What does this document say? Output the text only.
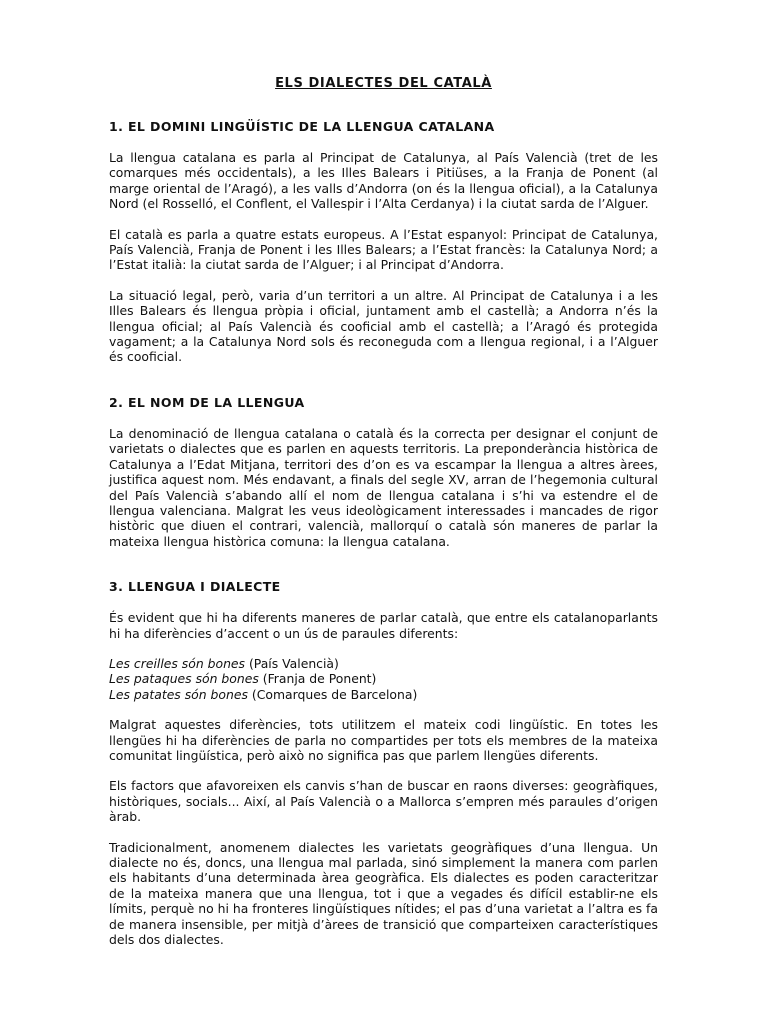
ELS DIALECTES DEL CATALÀ
1. EL DOMINI LINGÜÍSTIC DE LA LLENGUA CATALANA

La llengua catalana es parla al Principat de Catalunya, al País Valencià (tret de les comarques més occidentals), a les Illes Balears i Pitiüses, a la Franja de Ponent (al marge oriental de l’Aragó), a les valls d’Andorra (on és la llengua oficial), a la Catalunya Nord (el Rosselló, el Conflent, el Vallespir i l’Alta Cerdanya) i la ciutat sarda de l’Alguer.

El català es parla a quatre estats europeus. A l’Estat espanyol: Principat de Catalunya, País Valencià, Franja de Ponent i les Illes Balears; a l’Estat francès: la Catalunya Nord; a l’Estat italià: la ciutat sarda de l’Alguer; i al Principat d’Andorra.

La situació legal, però, varia d’un territori a un altre. Al Principat de Catalunya i a les Illes Balears és llengua pròpia i oficial, juntament amb el castellà; a Andorra n’és la llengua oficial; al País Valencià és cooficial amb el castellà; a l’Aragó és protegida vagament; a la Catalunya Nord sols és reconeguda com a llengua regional, i a l’Alguer és cooficial.

2. EL NOM DE LA LLENGUA

La denominació de llengua catalana o català és la correcta per designar el conjunt de varietats o dialectes que es parlen en aquests territoris. La preponderància històrica de Catalunya a l’Edat Mitjana, territori des d’on es va escampar la llengua a altres àrees, justifica aquest nom. Més endavant, a finals del segle XV, arran de l’hegemonia cultural del País Valencià s’abando allí el nom de llengua catalana i s’hi va estendre el de llengua valenciana. Malgrat les veus ideològicament interessades i mancades de rigor històric que diuen el contrari, valencià, mallorquí o català són maneres de parlar la mateixa llengua històrica comuna: la llengua catalana.

3. LLENGUA I DIALECTE

És evident que hi ha diferents maneres de parlar català, que entre els catalanoparlants hi ha diferències d’accent o un ús de paraules diferents:

Les creilles són bones (País Valencià)
Les pataques són bones (Franja de Ponent)
Les patates són bones (Comarques de Barcelona)

Malgrat aquestes diferències, tots utilitzem el mateix codi lingüístic. En totes les llengües hi ha diferències de parla no compartides per tots els membres de la mateixa comunitat lingüística, però això no significa pas que parlem llengües diferents.

Els factors que afavoreixen els canvis s’han de buscar en raons diverses: geogràfiques, històriques, socials... Així, al País Valencià o a Mallorca s’empren més paraules d’origen àrab.

Tradicionalment, anomenem dialectes les varietats geogràfiques d’una llengua. Un dialecte no és, doncs, una llengua mal parlada, sinó simplement la manera com parlen els habitants d’una determinada àrea geogràfica. Els dialectes es poden caracteritzar de la mateixa manera que una llengua, tot i que a vegades és difícil establir-ne els límits, perquè no hi ha fronteres lingüístiques nítides; el pas d’una varietat a l’altra es fa de manera insensible, per mitjà d’àrees de transició que comparteixen característiques dels dos dialectes.
